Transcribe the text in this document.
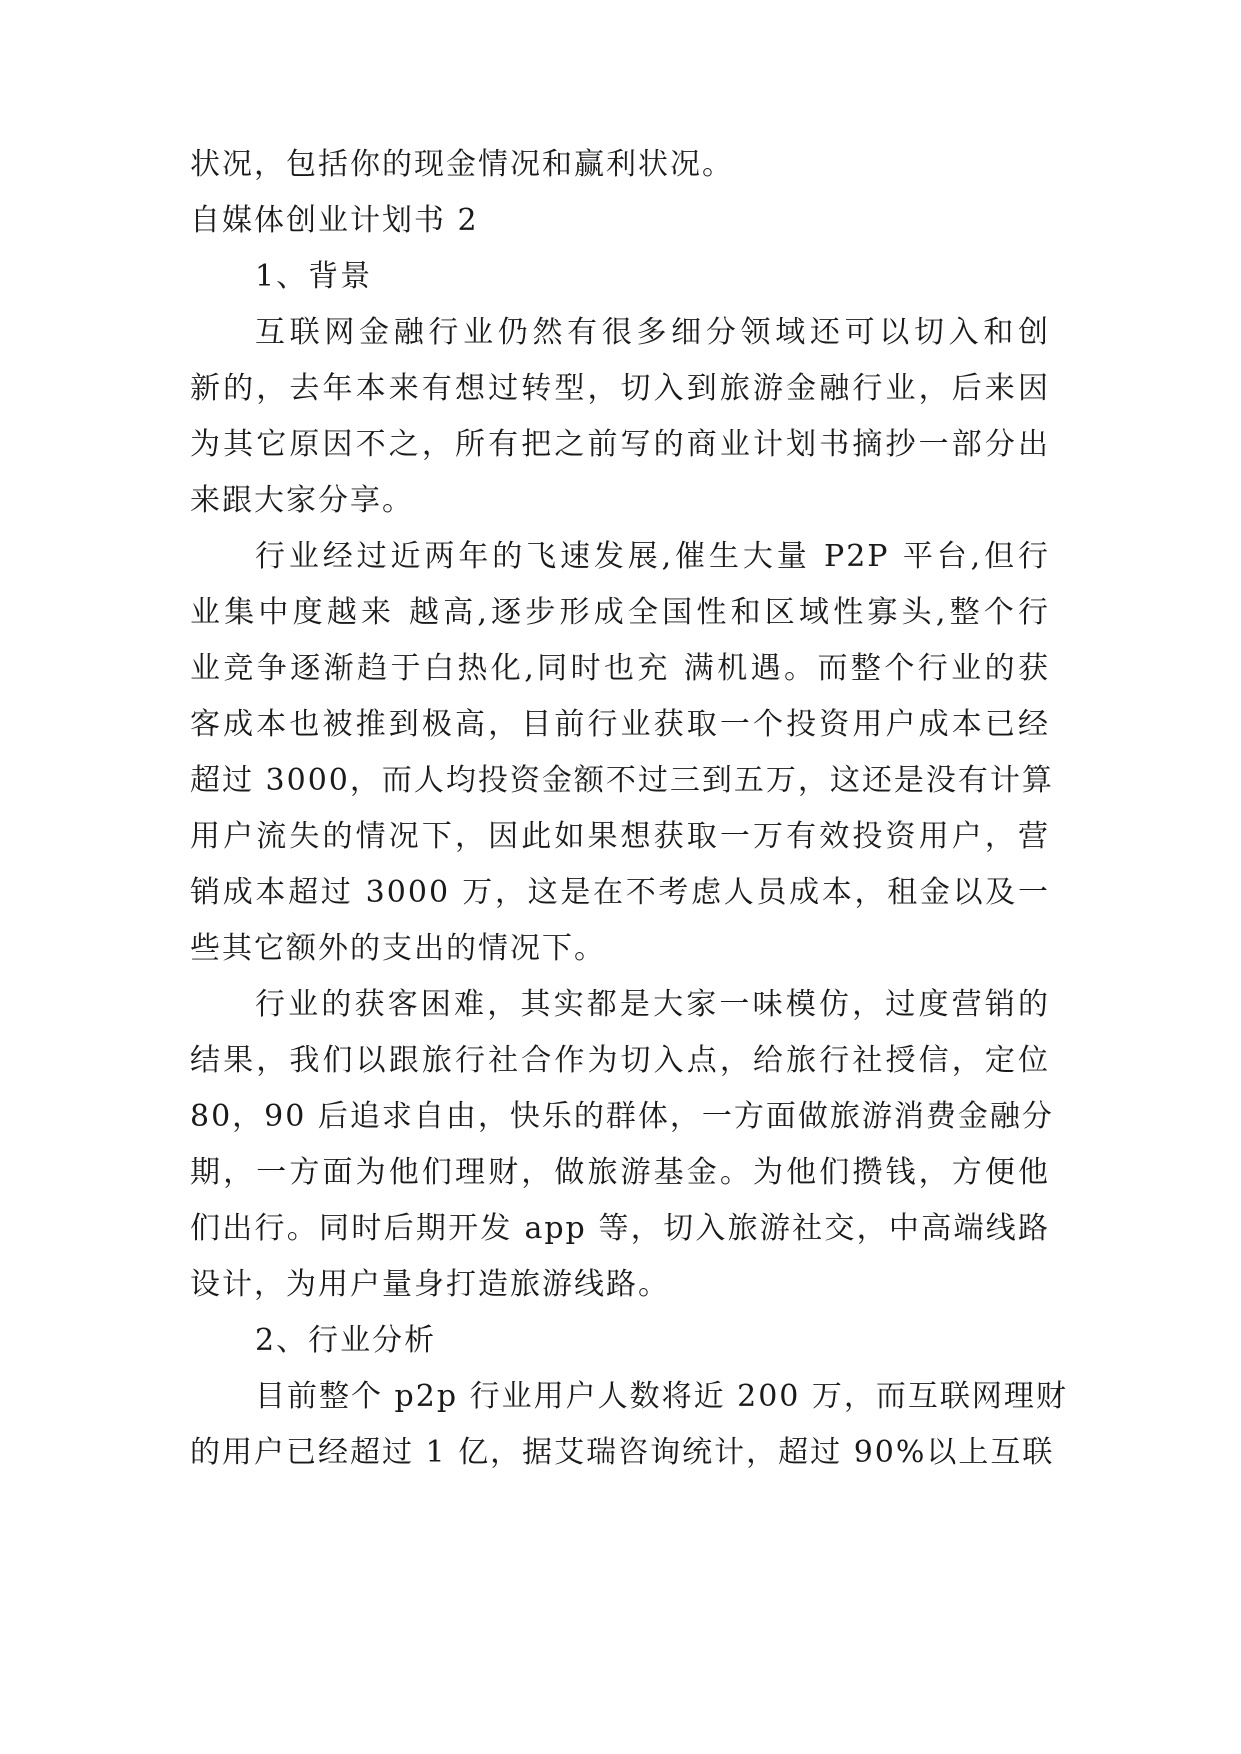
状况，包括你的现金情况和赢利状况。
自媒体创业计划书 2
1、背景
互联网金融行业仍然有很多细分领域还可以切入和创
新的，去年本来有想过转型，切入到旅游金融行业，后来因
为其它原因不之，所有把之前写的商业计划书摘抄一部分出
来跟大家分享。
行业经过近两年的飞速发展,催生大量 P2P 平台,但行
业集中度越来 越高,逐步形成全国性和区域性寡头,整个行
业竞争逐渐趋于白热化,同时也充 满机遇。而整个行业的获
客成本也被推到极高，目前行业获取一个投资用户成本已经
超过 3000，而人均投资金额不过三到五万，这还是没有计算
用户流失的情况下，因此如果想获取一万有效投资用户，营
销成本超过 3000 万，这是在不考虑人员成本，租金以及一
些其它额外的支出的情况下。
行业的获客困难，其实都是大家一味模仿，过度营销的
结果，我们以跟旅行社合作为切入点，给旅行社授信，定位
80，90 后追求自由，快乐的群体，一方面做旅游消费金融分
期，一方面为他们理财，做旅游基金。为他们攒钱，方便他
们出行。同时后期开发 app 等，切入旅游社交，中高端线路
设计，为用户量身打造旅游线路。
2、行业分析
目前整个 p2p 行业用户人数将近 200 万，而互联网理财
的用户已经超过 1 亿，据艾瑞咨询统计，超过 90%以上互联
